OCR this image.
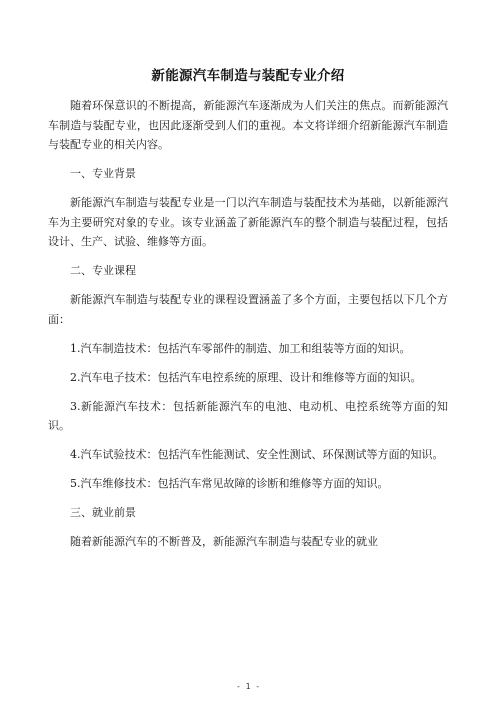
新能源汽车制造与装配专业介绍

随着环保意识的不断提高，新能源汽车逐渐成为人们关注的焦点。而新能源汽车制造与装配专业，也因此逐渐受到人们的重视。本文将详细介绍新能源汽车制造与装配专业的相关内容。

一、专业背景

新能源汽车制造与装配专业是一门以汽车制造与装配技术为基础，以新能源汽车为主要研究对象的专业。该专业涵盖了新能源汽车的整个制造与装配过程，包括设计、生产、试验、维修等方面。

二、专业课程

新能源汽车制造与装配专业的课程设置涵盖了多个方面，主要包括以下几个方面：

1.汽车制造技术：包括汽车零部件的制造、加工和组装等方面的知识。

2.汽车电子技术：包括汽车电控系统的原理、设计和维修等方面的知识。

3.新能源汽车技术：包括新能源汽车的电池、电动机、电控系统等方面的知识。

4.汽车试验技术：包括汽车性能测试、安全性测试、环保测试等方面的知识。

5.汽车维修技术：包括汽车常见故障的诊断和维修等方面的知识。

三、就业前景

随着新能源汽车的不断普及，新能源汽车制造与装配专业的就业

- 1 -
